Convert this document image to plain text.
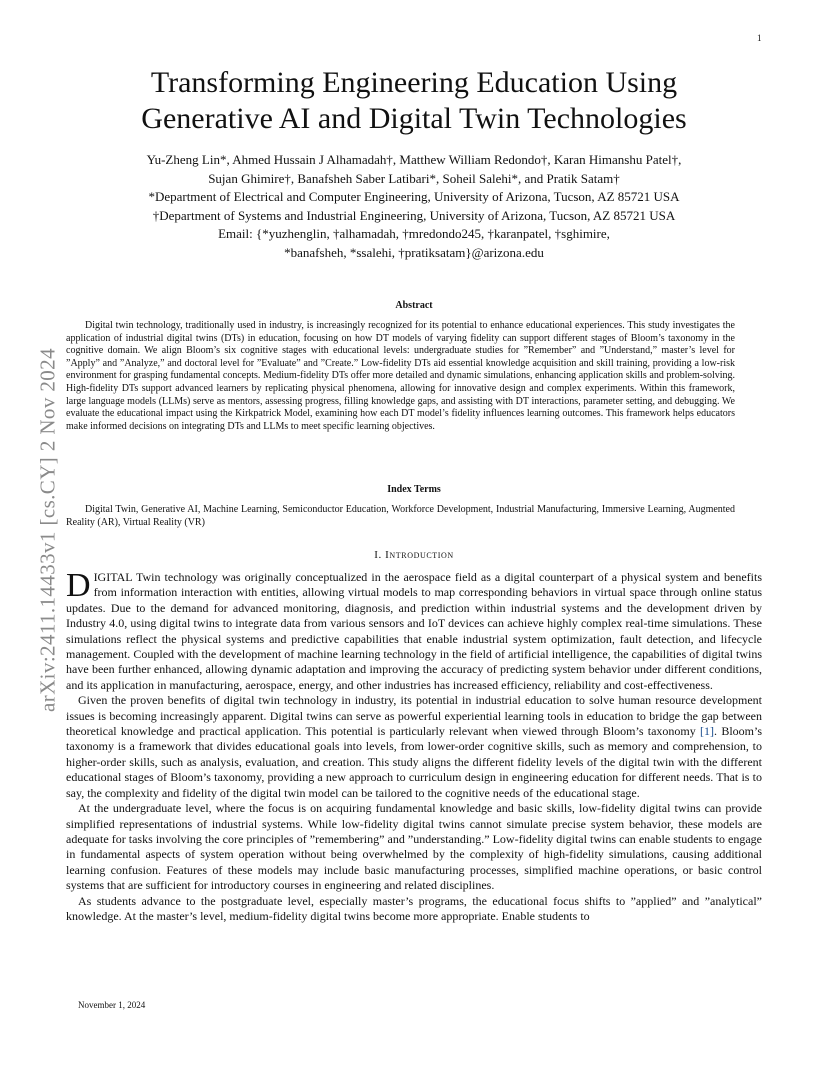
1
arXiv:2411.14433v1 [cs.CY] 2 Nov 2024
Transforming Engineering Education Using Generative AI and Digital Twin Technologies
Yu-Zheng Lin*, Ahmed Hussain J Alhamadah†, Matthew William Redondo†, Karan Himanshu Patel†,
Sujan Ghimire†, Banafsheh Saber Latibari*, Soheil Salehi*, and Pratik Satam†
*Department of Electrical and Computer Engineering, University of Arizona, Tucson, AZ 85721 USA
†Department of Systems and Industrial Engineering, University of Arizona, Tucson, AZ 85721 USA
Email: {*yuzhenglin, †alhamadah, †mredondo245, †karanpatel, †sghimire,
*banafsheh, *ssalehi, †pratiksatam}@arizona.edu
Abstract

Digital twin technology, traditionally used in industry, is increasingly recognized for its potential to enhance educational experiences. This study investigates the application of industrial digital twins (DTs) in education, focusing on how DT models of varying fidelity can support different stages of Bloom’s taxonomy in the cognitive domain. We align Bloom’s six cognitive stages with educational levels: undergraduate studies for ”Remember” and ”Understand,” master’s level for ”Apply” and ”Analyze,” and doctoral level for ”Evaluate” and ”Create.” Low-fidelity DTs aid essential knowledge acquisition and skill training, providing a low-risk environment for grasping fundamental concepts. Medium-fidelity DTs offer more detailed and dynamic simulations, enhancing application skills and problem-solving. High-fidelity DTs support advanced learners by replicating physical phenomena, allowing for innovative design and complex experiments. Within this framework, large language models (LLMs) serve as mentors, assessing progress, filling knowledge gaps, and assisting with DT interactions, parameter setting, and debugging. We evaluate the educational impact using the Kirkpatrick Model, examining how each DT model’s fidelity influences learning outcomes. This framework helps educators make informed decisions on integrating DTs and LLMs to meet specific learning objectives.

Index Terms

Digital Twin, Generative AI, Machine Learning, Semiconductor Education, Workforce Development, Industrial Manufacturing, Immersive Learning, Augmented Reality (AR), Virtual Reality (VR)

I. Introduction

DIGITAL Twin technology was originally conceptualized in the aerospace field as a digital counterpart of a physical system and benefits from information interaction with entities, allowing virtual models to map corresponding behaviors in virtual space through online status updates. Due to the demand for advanced monitoring, diagnosis, and prediction within industrial systems and the development driven by Industry 4.0, using digital twins to integrate data from various sensors and IoT devices can achieve highly complex real-time simulations. These simulations reflect the physical systems and predictive capabilities that enable industrial system optimization, fault detection, and lifecycle management. Coupled with the development of machine learning technology in the field of artificial intelligence, the capabilities of digital twins have been further enhanced, allowing dynamic adaptation and improving the accuracy of predicting system behavior under different conditions, and its application in manufacturing, aerospace, energy, and other industries has increased efficiency, reliability and cost-effectiveness.

Given the proven benefits of digital twin technology in industry, its potential in industrial education to solve human resource development issues is becoming increasingly apparent. Digital twins can serve as powerful experiential learning tools in education to bridge the gap between theoretical knowledge and practical application. This potential is particularly relevant when viewed through Bloom’s taxonomy [1]. Bloom’s taxonomy is a framework that divides educational goals into levels, from lower-order cognitive skills, such as memory and comprehension, to higher-order skills, such as analysis, evaluation, and creation. This study aligns the different fidelity levels of the digital twin with the different educational stages of Bloom’s taxonomy, providing a new approach to curriculum design in engineering education for different needs. That is to say, the complexity and fidelity of the digital twin model can be tailored to the cognitive needs of the educational stage.

At the undergraduate level, where the focus is on acquiring fundamental knowledge and basic skills, low-fidelity digital twins can provide simplified representations of industrial systems. While low-fidelity digital twins cannot simulate precise system behavior, these models are adequate for tasks involving the core principles of ”remembering” and ”understanding.” Low-fidelity digital twins can enable students to engage in fundamental aspects of system operation without being overwhelmed by the complexity of high-fidelity simulations, causing additional learning confusion. Features of these models may include basic manufacturing processes, simplified machine operations, or basic control systems that are sufficient for introductory courses in engineering and related disciplines.

As students advance to the postgraduate level, especially master’s programs, the educational focus shifts to ”applied” and ”analytical” knowledge. At the master’s level, medium-fidelity digital twins become more appropriate. Enable students to

November 1, 2024
